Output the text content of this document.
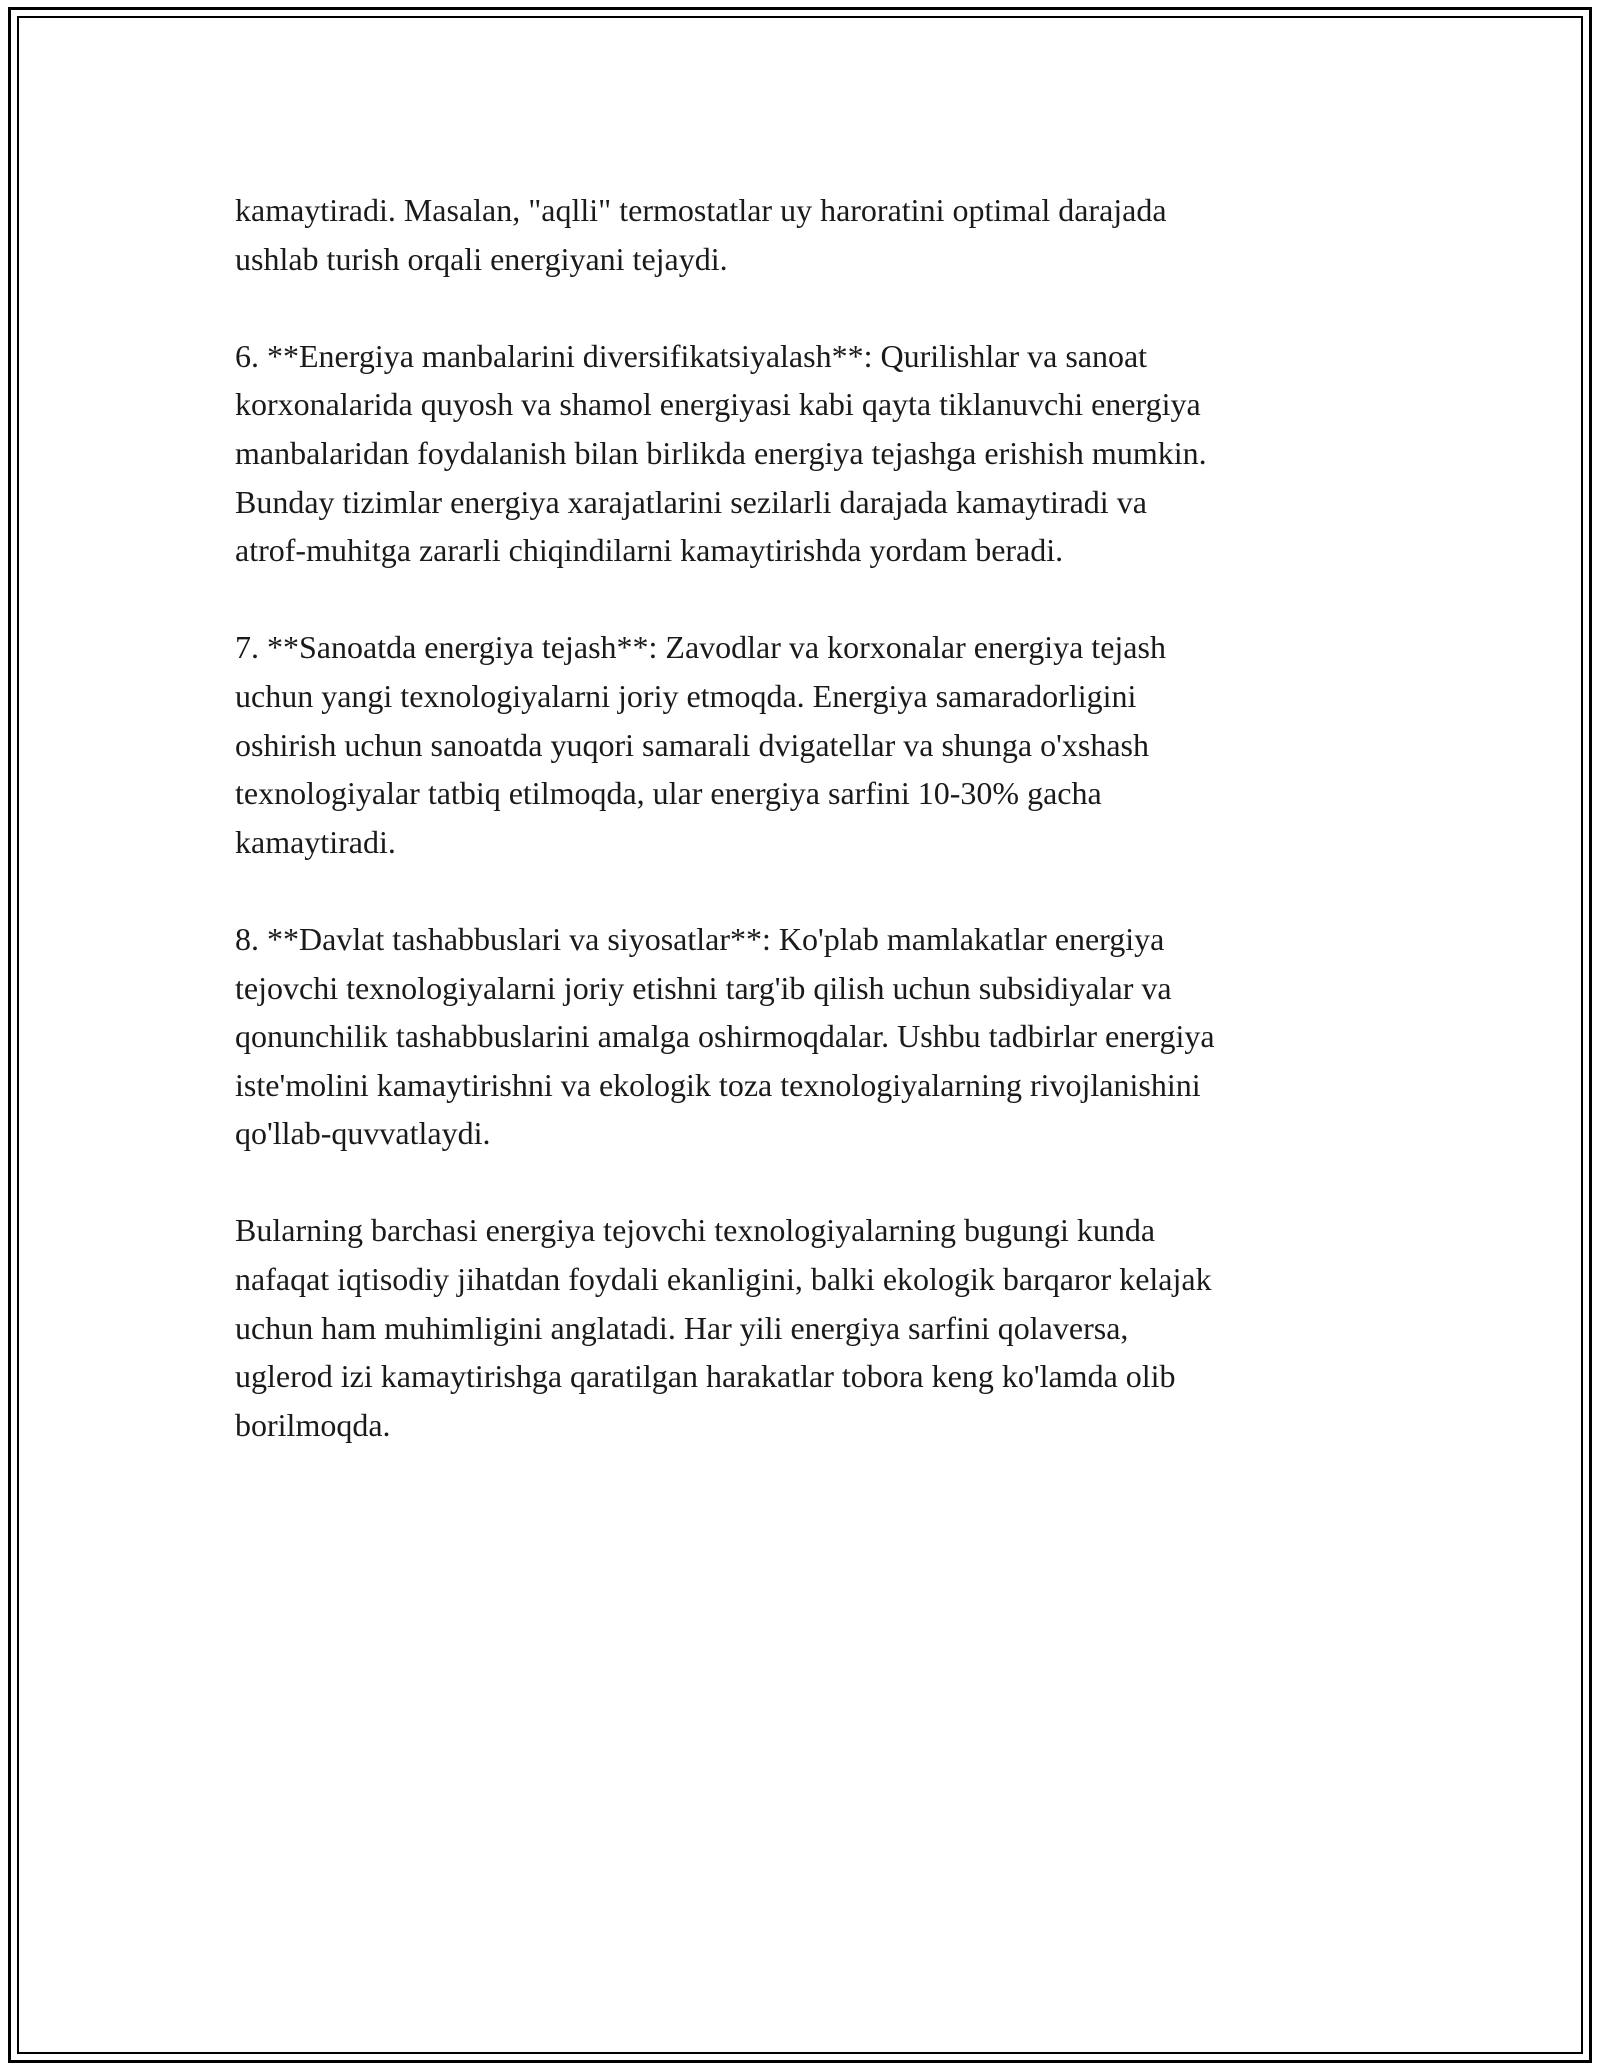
kamaytiradi. Masalan, "aqlli" termostatlar uy haroratini optimal darajada
ushlab turish orqali energiyani tejaydi.

6. **Energiya manbalarini diversifikatsiyalash**: Qurilishlar va sanoat
korxonalarida quyosh va shamol energiyasi kabi qayta tiklanuvchi energiya
manbalaridan foydalanish bilan birlikda energiya tejashga erishish mumkin.
Bunday tizimlar energiya xarajatlarini sezilarli darajada kamaytiradi va
atrof-muhitga zararli chiqindilarni kamaytirishda yordam beradi.

7. **Sanoatda energiya tejash**: Zavodlar va korxonalar energiya tejash
uchun yangi texnologiyalarni joriy etmoqda. Energiya samaradorligini
oshirish uchun sanoatda yuqori samarali dvigatellar va shunga o'xshash
texnologiyalar tatbiq etilmoqda, ular energiya sarfini 10-30% gacha
kamaytiradi.

8. **Davlat tashabbuslari va siyosatlar**: Ko'plab mamlakatlar energiya
tejovchi texnologiyalarni joriy etishni targ'ib qilish uchun subsidiyalar va
qonunchilik tashabbuslarini amalga oshirmoqdalar. Ushbu tadbirlar energiya
iste'molini kamaytirishni va ekologik toza texnologiyalarning rivojlanishini
qo'llab-quvvatlaydi.

Bularning barchasi energiya tejovchi texnologiyalarning bugungi kunda
nafaqat iqtisodiy jihatdan foydali ekanligini, balki ekologik barqaror kelajak
uchun ham muhimligini anglatadi. Har yili energiya sarfini qolaversa,
uglerod izi kamaytirishga qaratilgan harakatlar tobora keng ko'lamda olib
borilmoqda.
